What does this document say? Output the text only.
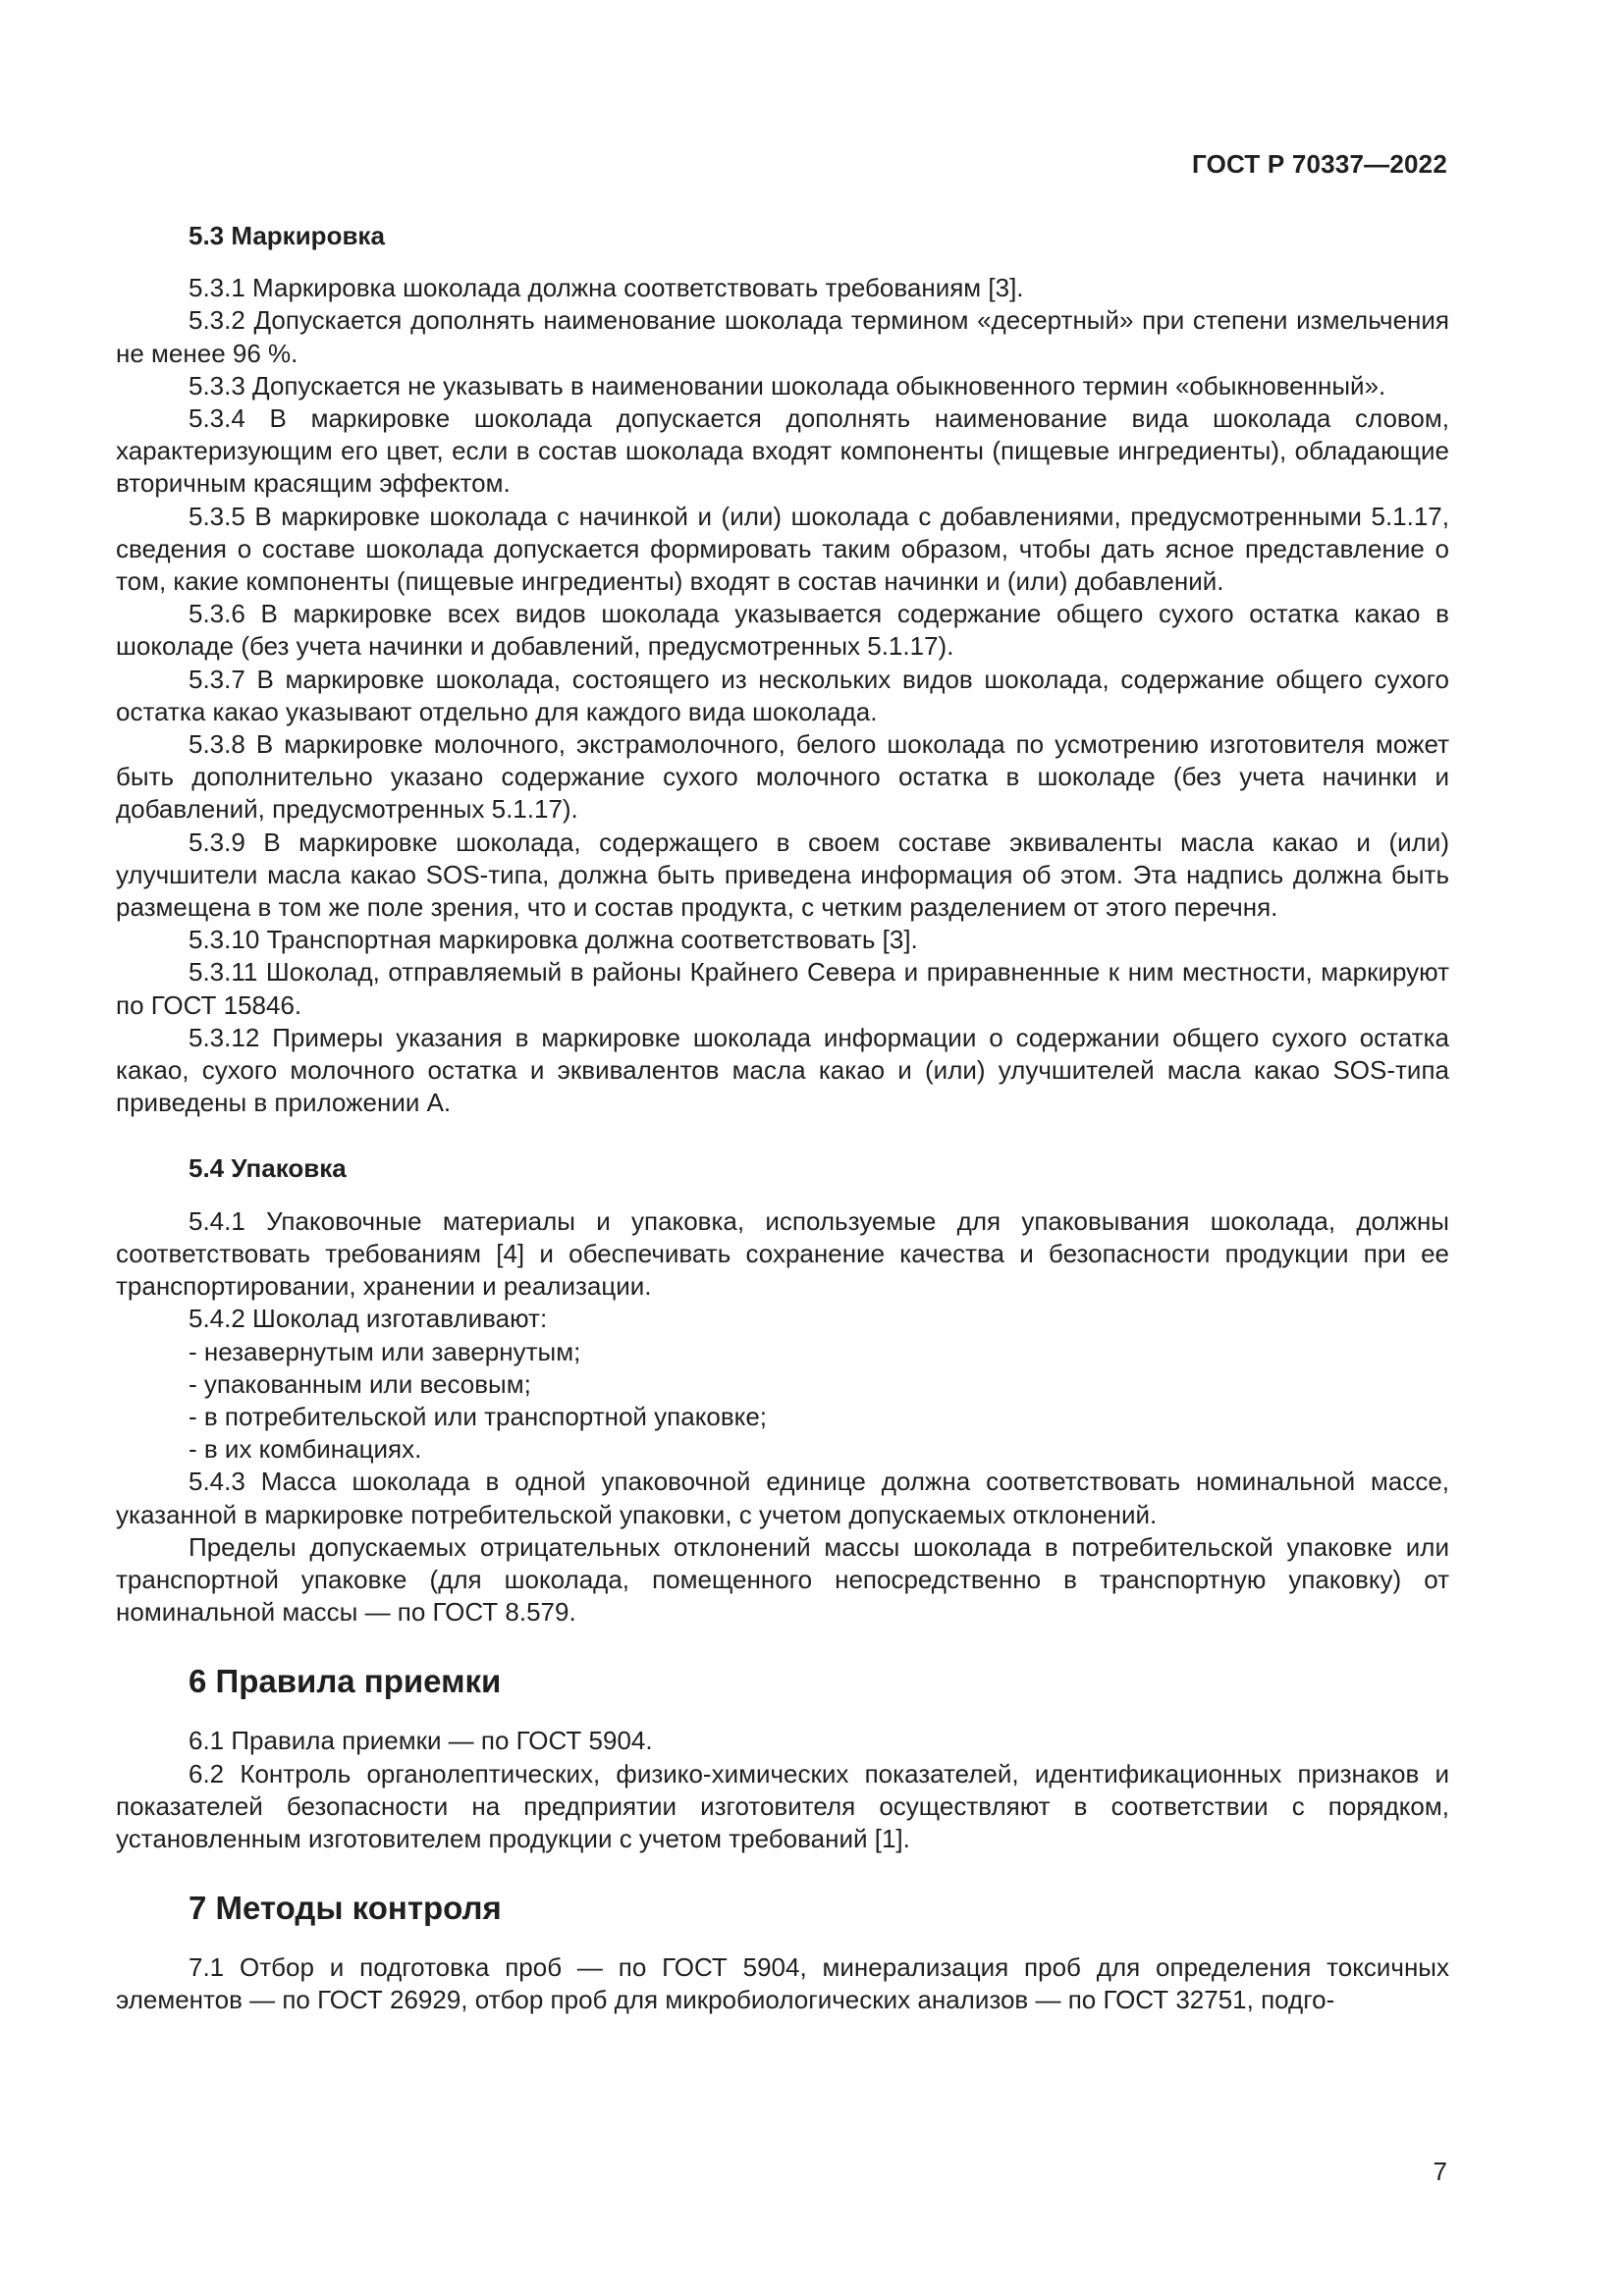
ГОСТ Р 70337—2022
5.3 Маркировка

5.3.1 Маркировка шоколада должна соответствовать требованиям [3].

5.3.2 Допускается дополнять наименование шоколада термином «десертный» при степени измельчения не менее 96 %.

5.3.3 Допускается не указывать в наименовании шоколада обыкновенного термин «обыкновенный».

5.3.4 В маркировке шоколада допускается дополнять наименование вида шоколада словом, характеризующим его цвет, если в состав шоколада входят компоненты (пищевые ингредиенты), обладающие вторичным красящим эффектом.

5.3.5 В маркировке шоколада с начинкой и (или) шоколада с добавлениями, предусмотренными 5.1.17, сведения о составе шоколада допускается формировать таким образом, чтобы дать ясное представление о том, какие компоненты (пищевые ингредиенты) входят в состав начинки и (или) добавлений.

5.3.6 В маркировке всех видов шоколада указывается содержание общего сухого остатка какао в шоколаде (без учета начинки и добавлений, предусмотренных 5.1.17).

5.3.7 В маркировке шоколада, состоящего из нескольких видов шоколада, содержание общего сухого остатка какао указывают отдельно для каждого вида шоколада.

5.3.8 В маркировке молочного, экстрамолочного, белого шоколада по усмотрению изготовителя может быть дополнительно указано содержание сухого молочного остатка в шоколаде (без учета начинки и добавлений, предусмотренных 5.1.17).

5.3.9 В маркировке шоколада, содержащего в своем составе эквиваленты масла какао и (или) улучшители масла какао SOS-типа, должна быть приведена информация об этом. Эта надпись должна быть размещена в том же поле зрения, что и состав продукта, с четким разделением от этого перечня.

5.3.10 Транспортная маркировка должна соответствовать [3].

5.3.11 Шоколад, отправляемый в районы Крайнего Севера и приравненные к ним местности, маркируют по ГОСТ 15846.

5.3.12 Примеры указания в маркировке шоколада информации о содержании общего сухого остатка какао, сухого молочного остатка и эквивалентов масла какао и (или) улучшителей масла какао SOS-типа приведены в приложении А.

5.4 Упаковка

5.4.1 Упаковочные материалы и упаковка, используемые для упаковывания шоколада, должны соответствовать требованиям [4] и обеспечивать сохранение качества и безопасности продукции при ее транспортировании, хранении и реализации.

5.4.2 Шоколад изготавливают:

- незавернутым или завернутым;

- упакованным или весовым;

- в потребительской или транспортной упаковке;

- в их комбинациях.

5.4.3 Масса шоколада в одной упаковочной единице должна соответствовать номинальной массе, указанной в маркировке потребительской упаковки, с учетом допускаемых отклонений.

Пределы допускаемых отрицательных отклонений массы шоколада в потребительской упаковке или транспортной упаковке (для шоколада, помещенного непосредственно в транспортную упаковку) от номинальной массы — по ГОСТ 8.579.

6 Правила приемки

6.1 Правила приемки — по ГОСТ 5904.

6.2 Контроль органолептических, физико-химических показателей, идентификационных признаков и показателей безопасности на предприятии изготовителя осуществляют в соответствии с порядком, установленным изготовителем продукции с учетом требований [1].

7 Методы контроля

7.1 Отбор и подготовка проб — по ГОСТ 5904, минерализация проб для определения токсичных элементов — по ГОСТ 26929, отбор проб для микробиологических анализов — по ГОСТ 32751, подго-

7
